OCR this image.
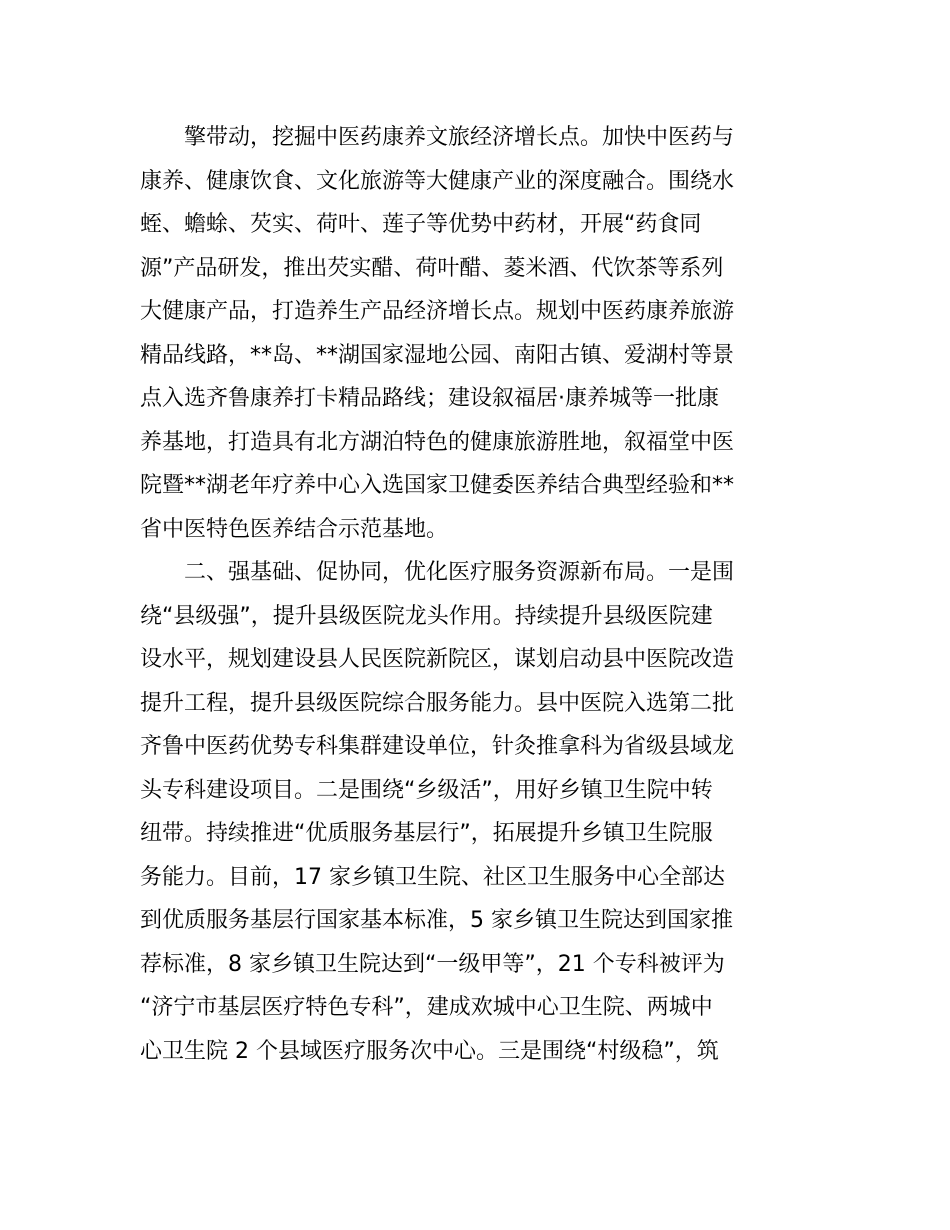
擎带动，挖掘中医药康养文旅经济增长点。加快中医药与
康养、健康饮食、文化旅游等大健康产业的深度融合。围绕水
蛭、蟾蜍、芡实、荷叶、莲子等优势中药材，开展“药食同
源”产品研发，推出芡实醋、荷叶醋、菱米酒、代饮茶等系列
大健康产品，打造养生产品经济增长点。规划中医药康养旅游
精品线路，**岛、**湖国家湿地公园、南阳古镇、爱湖村等景
点入选齐鲁康养打卡精品路线；建设叙福居·康养城等一批康
养基地，打造具有北方湖泊特色的健康旅游胜地，叙福堂中医
院暨**湖老年疗养中心入选国家卫健委医养结合典型经验和**
省中医特色医养结合示范基地。

二、强基础、促协同，优化医疗服务资源新布局。一是围
绕“县级强”，提升县级医院龙头作用。持续提升县级医院建
设水平，规划建设县人民医院新院区，谋划启动县中医院改造
提升工程，提升县级医院综合服务能力。县中医院入选第二批
齐鲁中医药优势专科集群建设单位，针灸推拿科为省级县域龙
头专科建设项目。二是围绕“乡级活”，用好乡镇卫生院中转
纽带。持续推进“优质服务基层行”，拓展提升乡镇卫生院服
务能力。目前，17 家乡镇卫生院、社区卫生服务中心全部达
到优质服务基层行国家基本标准，5 家乡镇卫生院达到国家推
荐标准，8 家乡镇卫生院达到“一级甲等”，21 个专科被评为
“济宁市基层医疗特色专科”，建成欢城中心卫生院、两城中
心卫生院 2 个县域医疗服务次中心。三是围绕“村级稳”，筑
